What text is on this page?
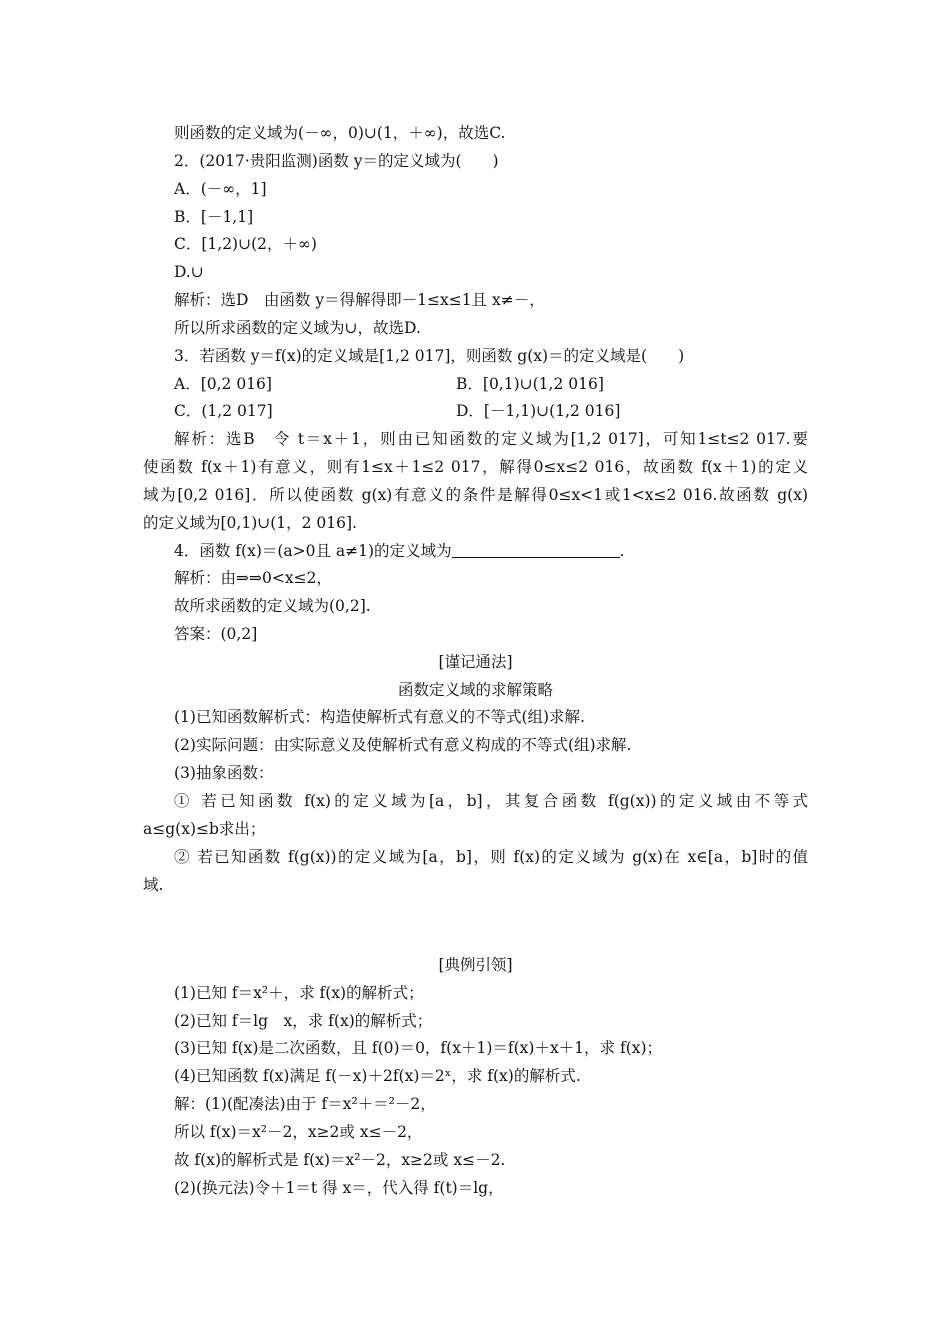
则函数的定义域为(－∞，0)∪(1，＋∞)，故选C.
2．(2017·贵阳监测)函数 y＝的定义域为(　　)
A．(－∞，1]
B．[－1,1]
C．[1,2)∪(2，＋∞)
D.∪
解析：选D　由函数 y＝得解得即－1≤x≤1且 x≠－，
所以所求函数的定义域为∪，故选D.
3．若函数 y＝f(x)的定义域是[1,2 017]，则函数 g(x)＝的定义域是(　　)
A．[0,2 016]	B．[0,1)∪(1,2 016]
C．(1,2 017]	D．[－1,1)∪(1,2 016]
解析：选B　令 t＝x＋1，则由已知函数的定义域为[1,2 017]，可知1≤t≤2 017.要
使函数 f(x＋1)有意义，则有1≤x＋1≤2 017，解得0≤x≤2 016，故函数 f(x＋1)的定义
域为[0,2 016]．所以使函数 g(x)有意义的条件是解得0≤x<1或1<x≤2 016.故函数 g(x)
的定义域为[0,1)∪(1，2 016].
4．函数 f(x)＝(a>0且 a≠1)的定义域为	.
解析：由⇒⇒0<x≤2，
故所求函数的定义域为(0,2].
答案：(0,2]
[谨记通法]
函数定义域的求解策略
(1)已知函数解析式：构造使解析式有意义的不等式(组)求解.
(2)实际问题：由实际意义及使解析式有意义构成的不等式(组)求解.
(3)抽象函数：
① 若已知函数 f(x)的定义域为[a，b]，其复合函数 f(g(x))的定义域由不等式
a≤g(x)≤b求出；
② 若已知函数 f(g(x))的定义域为[a，b]，则 f(x)的定义域为 g(x)在 x∈[a，b]时的值
域.
[典例引领]
(1)已知 f＝x²＋，求 f(x)的解析式；
(2)已知 f＝lg　x，求 f(x)的解析式；
(3)已知 f(x)是二次函数，且 f(0)＝0，f(x＋1)＝f(x)＋x＋1，求 f(x)；
(4)已知函数 f(x)满足 f(－x)＋2f(x)＝2ˣ，求 f(x)的解析式.
解：(1)(配凑法)由于 f＝x²＋＝²－2，
所以 f(x)＝x²－2，x≥2或 x≤－2，
故 f(x)的解析式是 f(x)＝x²－2，x≥2或 x≤－2.
(2)(换元法)令＋1＝t 得 x＝，代入得 f(t)＝lg，
